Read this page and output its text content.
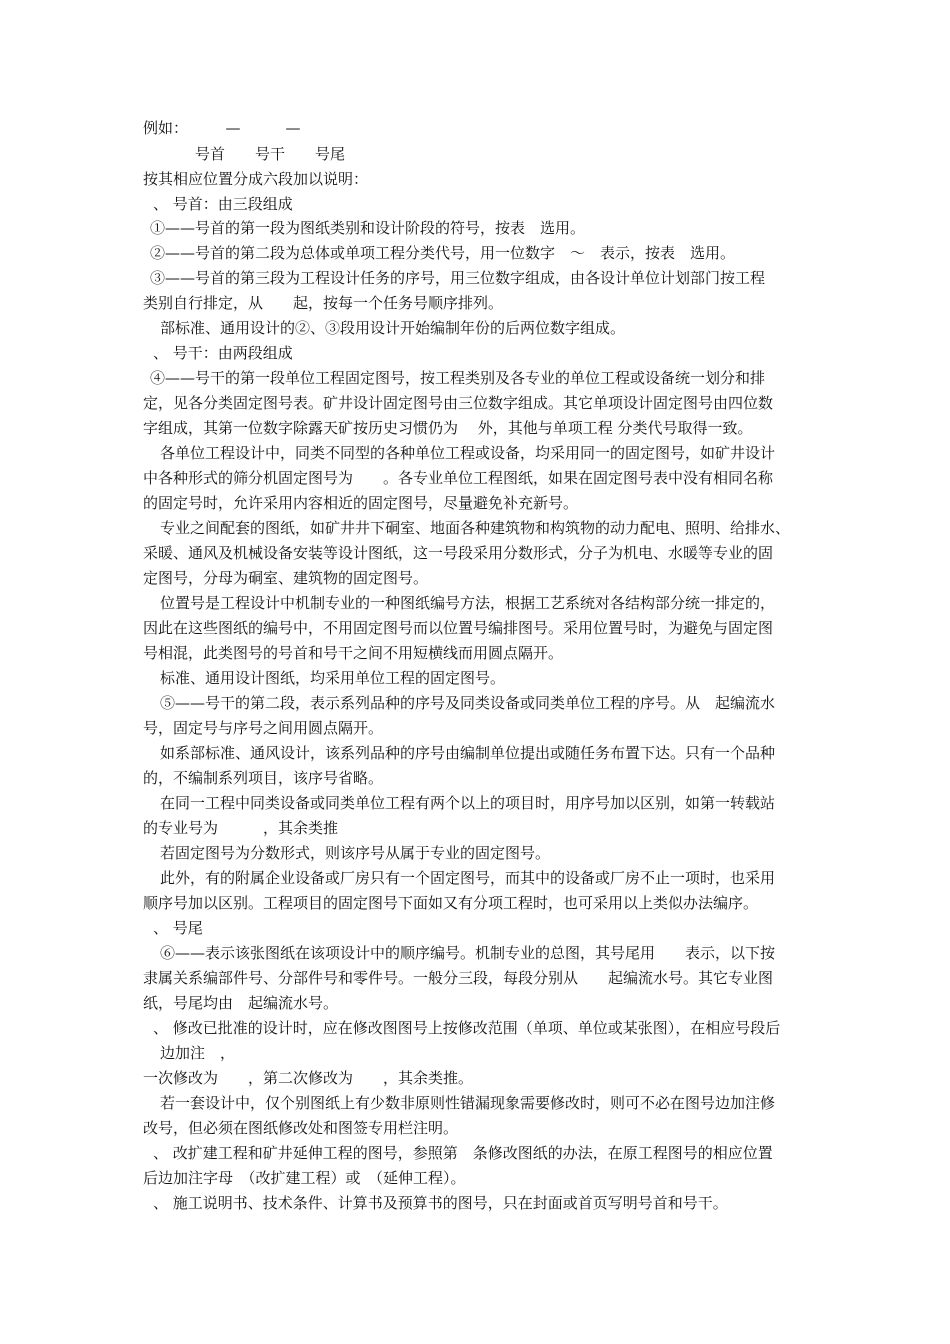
例如：　　　—　　　—
号首　　号干　　号尾
按其相应位置分成六段加以说明：
、 号首：由三段组成
①——号首的第一段为图纸类别和设计阶段的符号，按表　选用。
②——号首的第二段为总体或单项工程分类代号，用一位数字　～　表示，按表　选用。
③——号首的第三段为工程设计任务的序号，用三位数字组成，由各设计单位计划部门按工程
类别自行排定，从　　起，按每一个任务号顺序排列。
部标准、通用设计的②、③段用设计开始编制年份的后两位数字组成。
、 号干：由两段组成
④——号干的第一段单位工程固定图号，按工程类别及各专业的单位工程或设备统一划分和排
定，见各分类固定图号表。矿井设计固定图号由三位数字组成。其它单项设计固定图号由四位数
字组成，其第一位数字除露天矿按历史习惯仍为　 外，其他与单项工程 分类代号取得一致。
各单位工程设计中，同类不同型的各种单位工程或设备，均采用同一的固定图号，如矿井设计
中各种形式的筛分机固定图号为　　。各专业单位工程图纸，如果在固定图号表中没有相同名称
的固定号时，允许采用内容相近的固定图号，尽量避免补充新号。
专业之间配套的图纸，如矿井井下硐室、地面各种建筑物和构筑物的动力配电、照明、给排水、
采暖、通风及机械设备安装等设计图纸，这一号段采用分数形式，分子为机电、水暖等专业的固
定图号，分母为硐室、建筑物的固定图号。
位置号是工程设计中机制专业的一种图纸编号方法，根据工艺系统对各结构部分统一排定的，
因此在这些图纸的编号中，不用固定图号而以位置号编排图号。采用位置号时，为避免与固定图
号相混，此类图号的号首和号干之间不用短横线而用圆点隔开。
标准、通用设计图纸，均采用单位工程的固定图号。
⑤——号干的第二段，表示系列品种的序号及同类设备或同类单位工程的序号。从　起编流水
号，固定号与序号之间用圆点隔开。
如系部标准、通风设计，该系列品种的序号由编制单位提出或随任务布置下达。只有一个品种
的，不编制系列项目，该序号省略。
在同一工程中同类设备或同类单位工程有两个以上的项目时，用序号加以区别，如第一转载站
的专业号为　　　，其余类推
若固定图号为分数形式，则该序号从属于专业的固定图号。
此外，有的附属企业设备或厂房只有一个固定图号，而其中的设备或厂房不止一项时，也采用
顺序号加以区别。工程项目的固定图号下面如又有分项工程时，也可采用以上类似办法编序。
、 号尾
⑥——表示该张图纸在该项设计中的顺序编号。机制专业的总图，其号尾用　　表示，以下按
隶属关系编部件号、分部件号和零件号。一般分三段，每段分别从　　起编流水号。其它专业图
纸，号尾均由　起编流水号。
、 修改已批准的设计时，应在修改图图号上按修改范围（单项、单位或某张图），在相应号段后
边加注　，
一次修改为　　，第二次修改为　　，其余类推。
若一套设计中，仅个别图纸上有少数非原则性错漏现象需要修改时，则可不必在图号边加注修
改号，但必须在图纸修改处和图签专用栏注明。
、 改扩建工程和矿井延伸工程的图号，参照第　条修改图纸的办法，在原工程图号的相应位置
后边加注字母　（改扩建工程）或　（延伸工程）。
、 施工说明书、技术条件、计算书及预算书的图号，只在封面或首页写明号首和号干。
